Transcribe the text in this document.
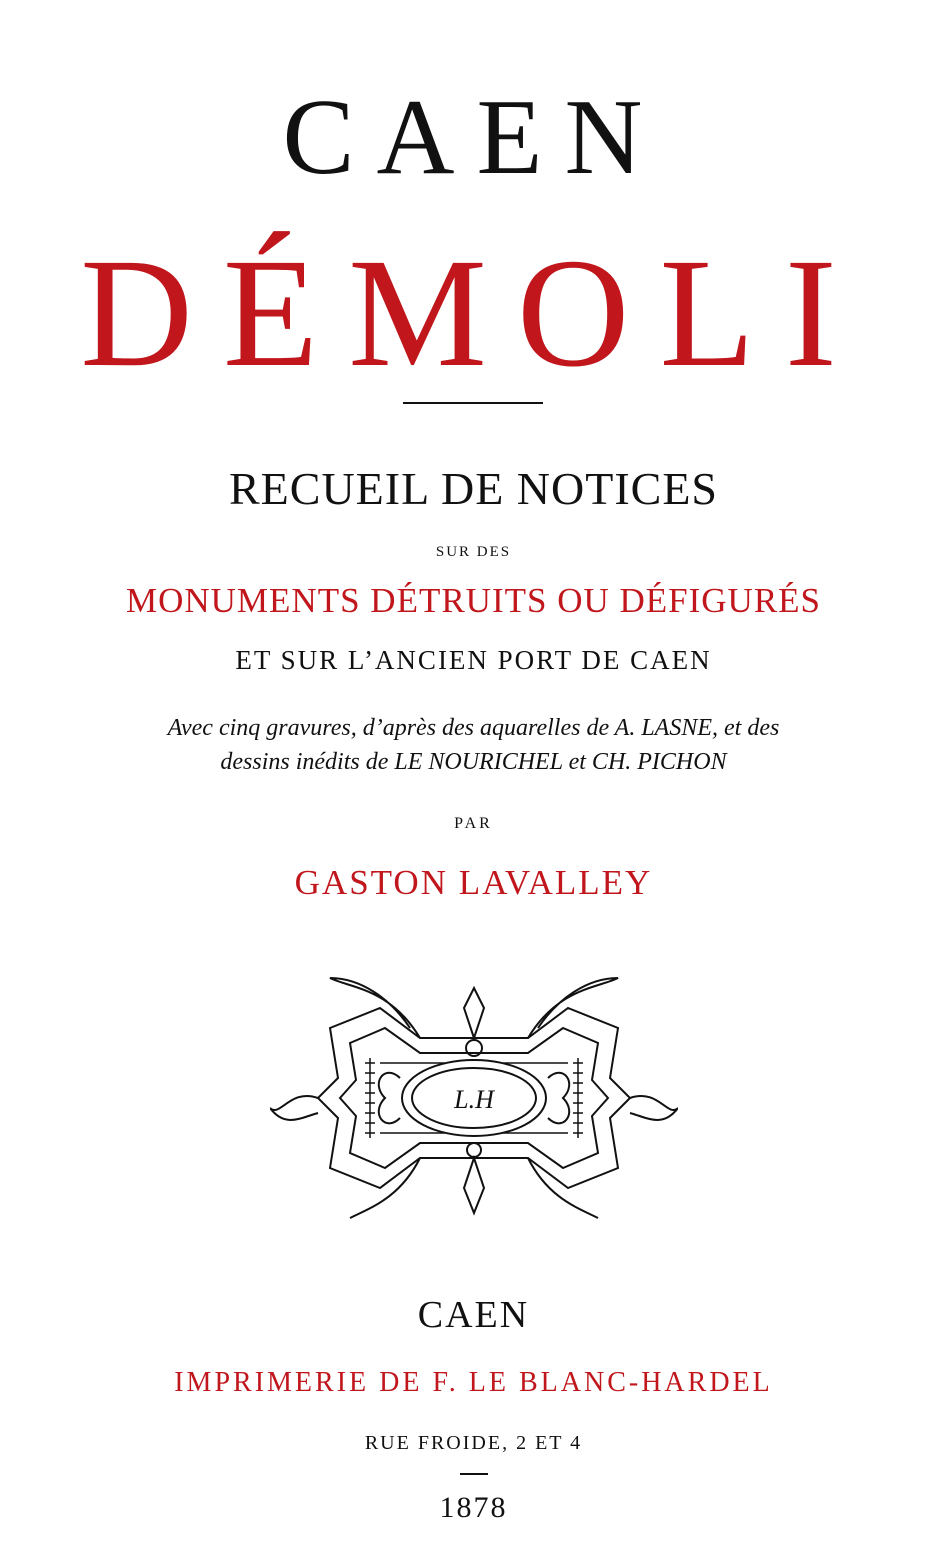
CAEN
DÉMOLI
RECUEIL DE NOTICES
SUR DES
MONUMENTS DÉTRUITS OU DÉFIGURÉS
ET SUR L’ANCIEN PORT DE CAEN
Avec cinq gravures, d’après des aquarelles de A. LASNE, et des
dessins inédits de LE NOURICHEL et CH. PICHON
PAR
GASTON LAVALLEY
L.H
CAEN
IMPRIMERIE DE F. LE BLANC-HARDEL
RUE FROIDE, 2 ET 4
1878
